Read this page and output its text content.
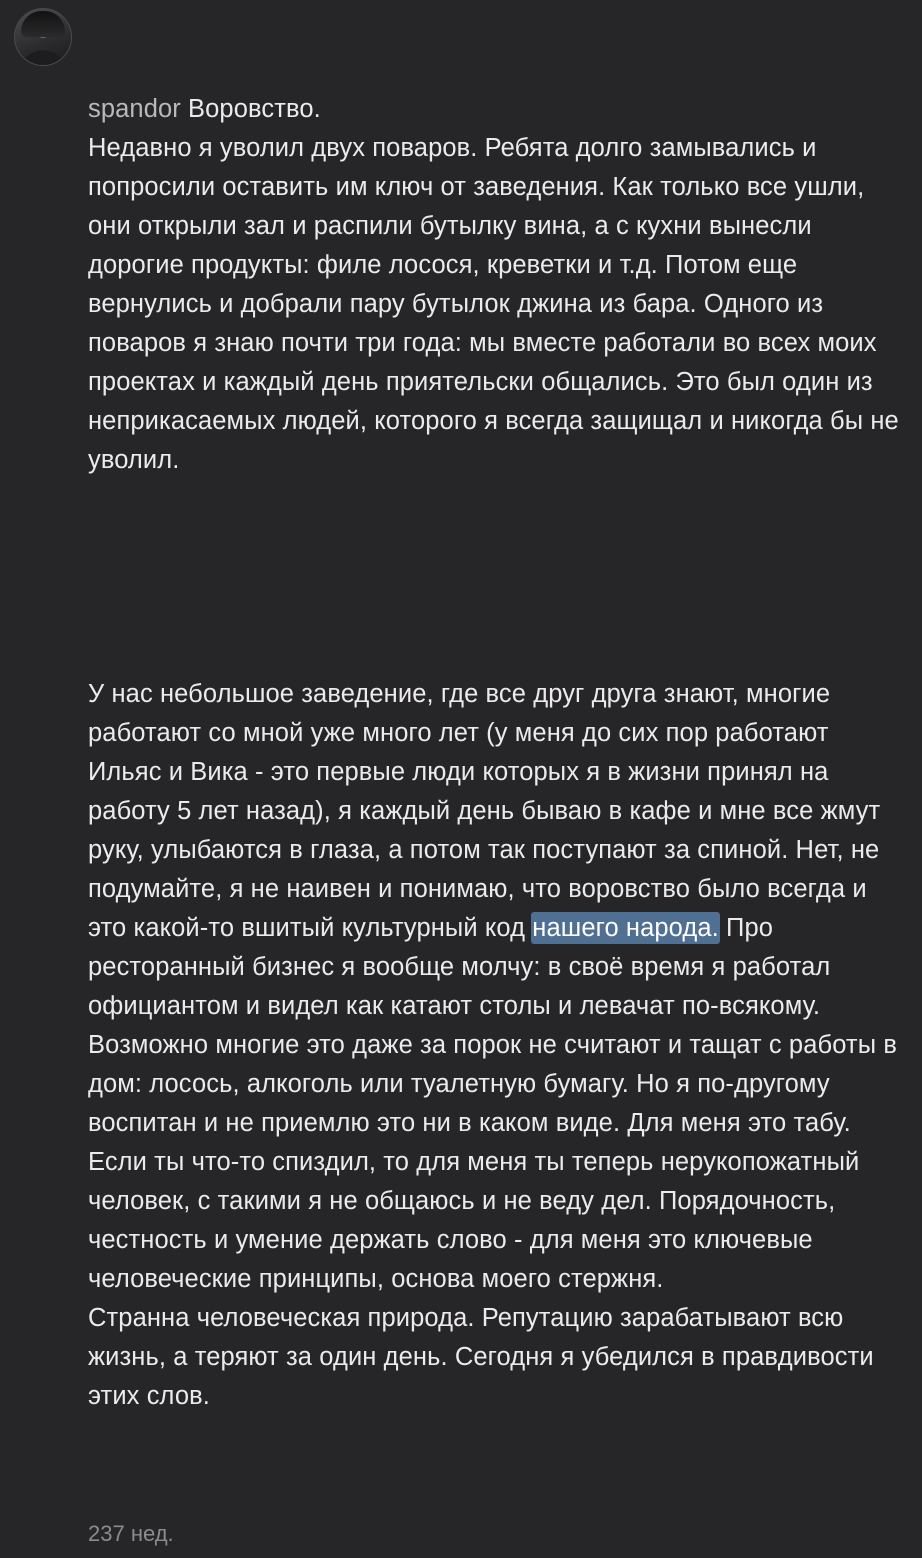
spandor Воровство.
Недавно я уволил двух поваров. Ребята долго замывались и попросили оставить им ключ от заведения. Как только все ушли, они открыли зал и распили бутылку вина, а с кухни вынесли дорогие продукты: филе лосося, креветки и т.д. Потом еще вернулись и добрали пару бутылок джина из бара. Одного из поваров я знаю почти три года: мы вместе работали во всех моих проектах и каждый день приятельски общались. Это был один из неприкасаемых людей, которого я всегда защищал и никогда бы не уволил.

У нас небольшое заведение, где все друг друга знают, многие работают со мной уже много лет (у меня до сих пор работают Ильяс и Вика - это первые люди которых я в жизни принял на работу 5 лет назад), я каждый день бываю в кафе и мне все жмут руку, улыбаются в глаза, а потом так поступают за спиной. Нет, не подумайте, я не наивен и понимаю, что воровство было всегда и это какой-то вшитый культурный код нашего народа. Про ресторанный бизнес я вообще молчу: в своё время я работал официантом и видел как катают столы и левачат по-всякому. Возможно многие это даже за порок не считают и тащат с работы в дом: лосось, алкоголь или туалетную бумагу. Но я по-другому воспитан и не приемлю это ни в каком виде. Для меня это табу. Если ты что-то спиздил, то для меня ты теперь нерукопожатный человек, с такими я не общаюсь и не веду дел. Порядочность, честность и умение держать слово - для меня это ключевые человеческие принципы, основа моего стержня.
Странна человеческая природа. Репутацию зарабатывают всю жизнь, а теряют за один день. Сегодня я убедился в правдивости этих слов.

237 нед.
